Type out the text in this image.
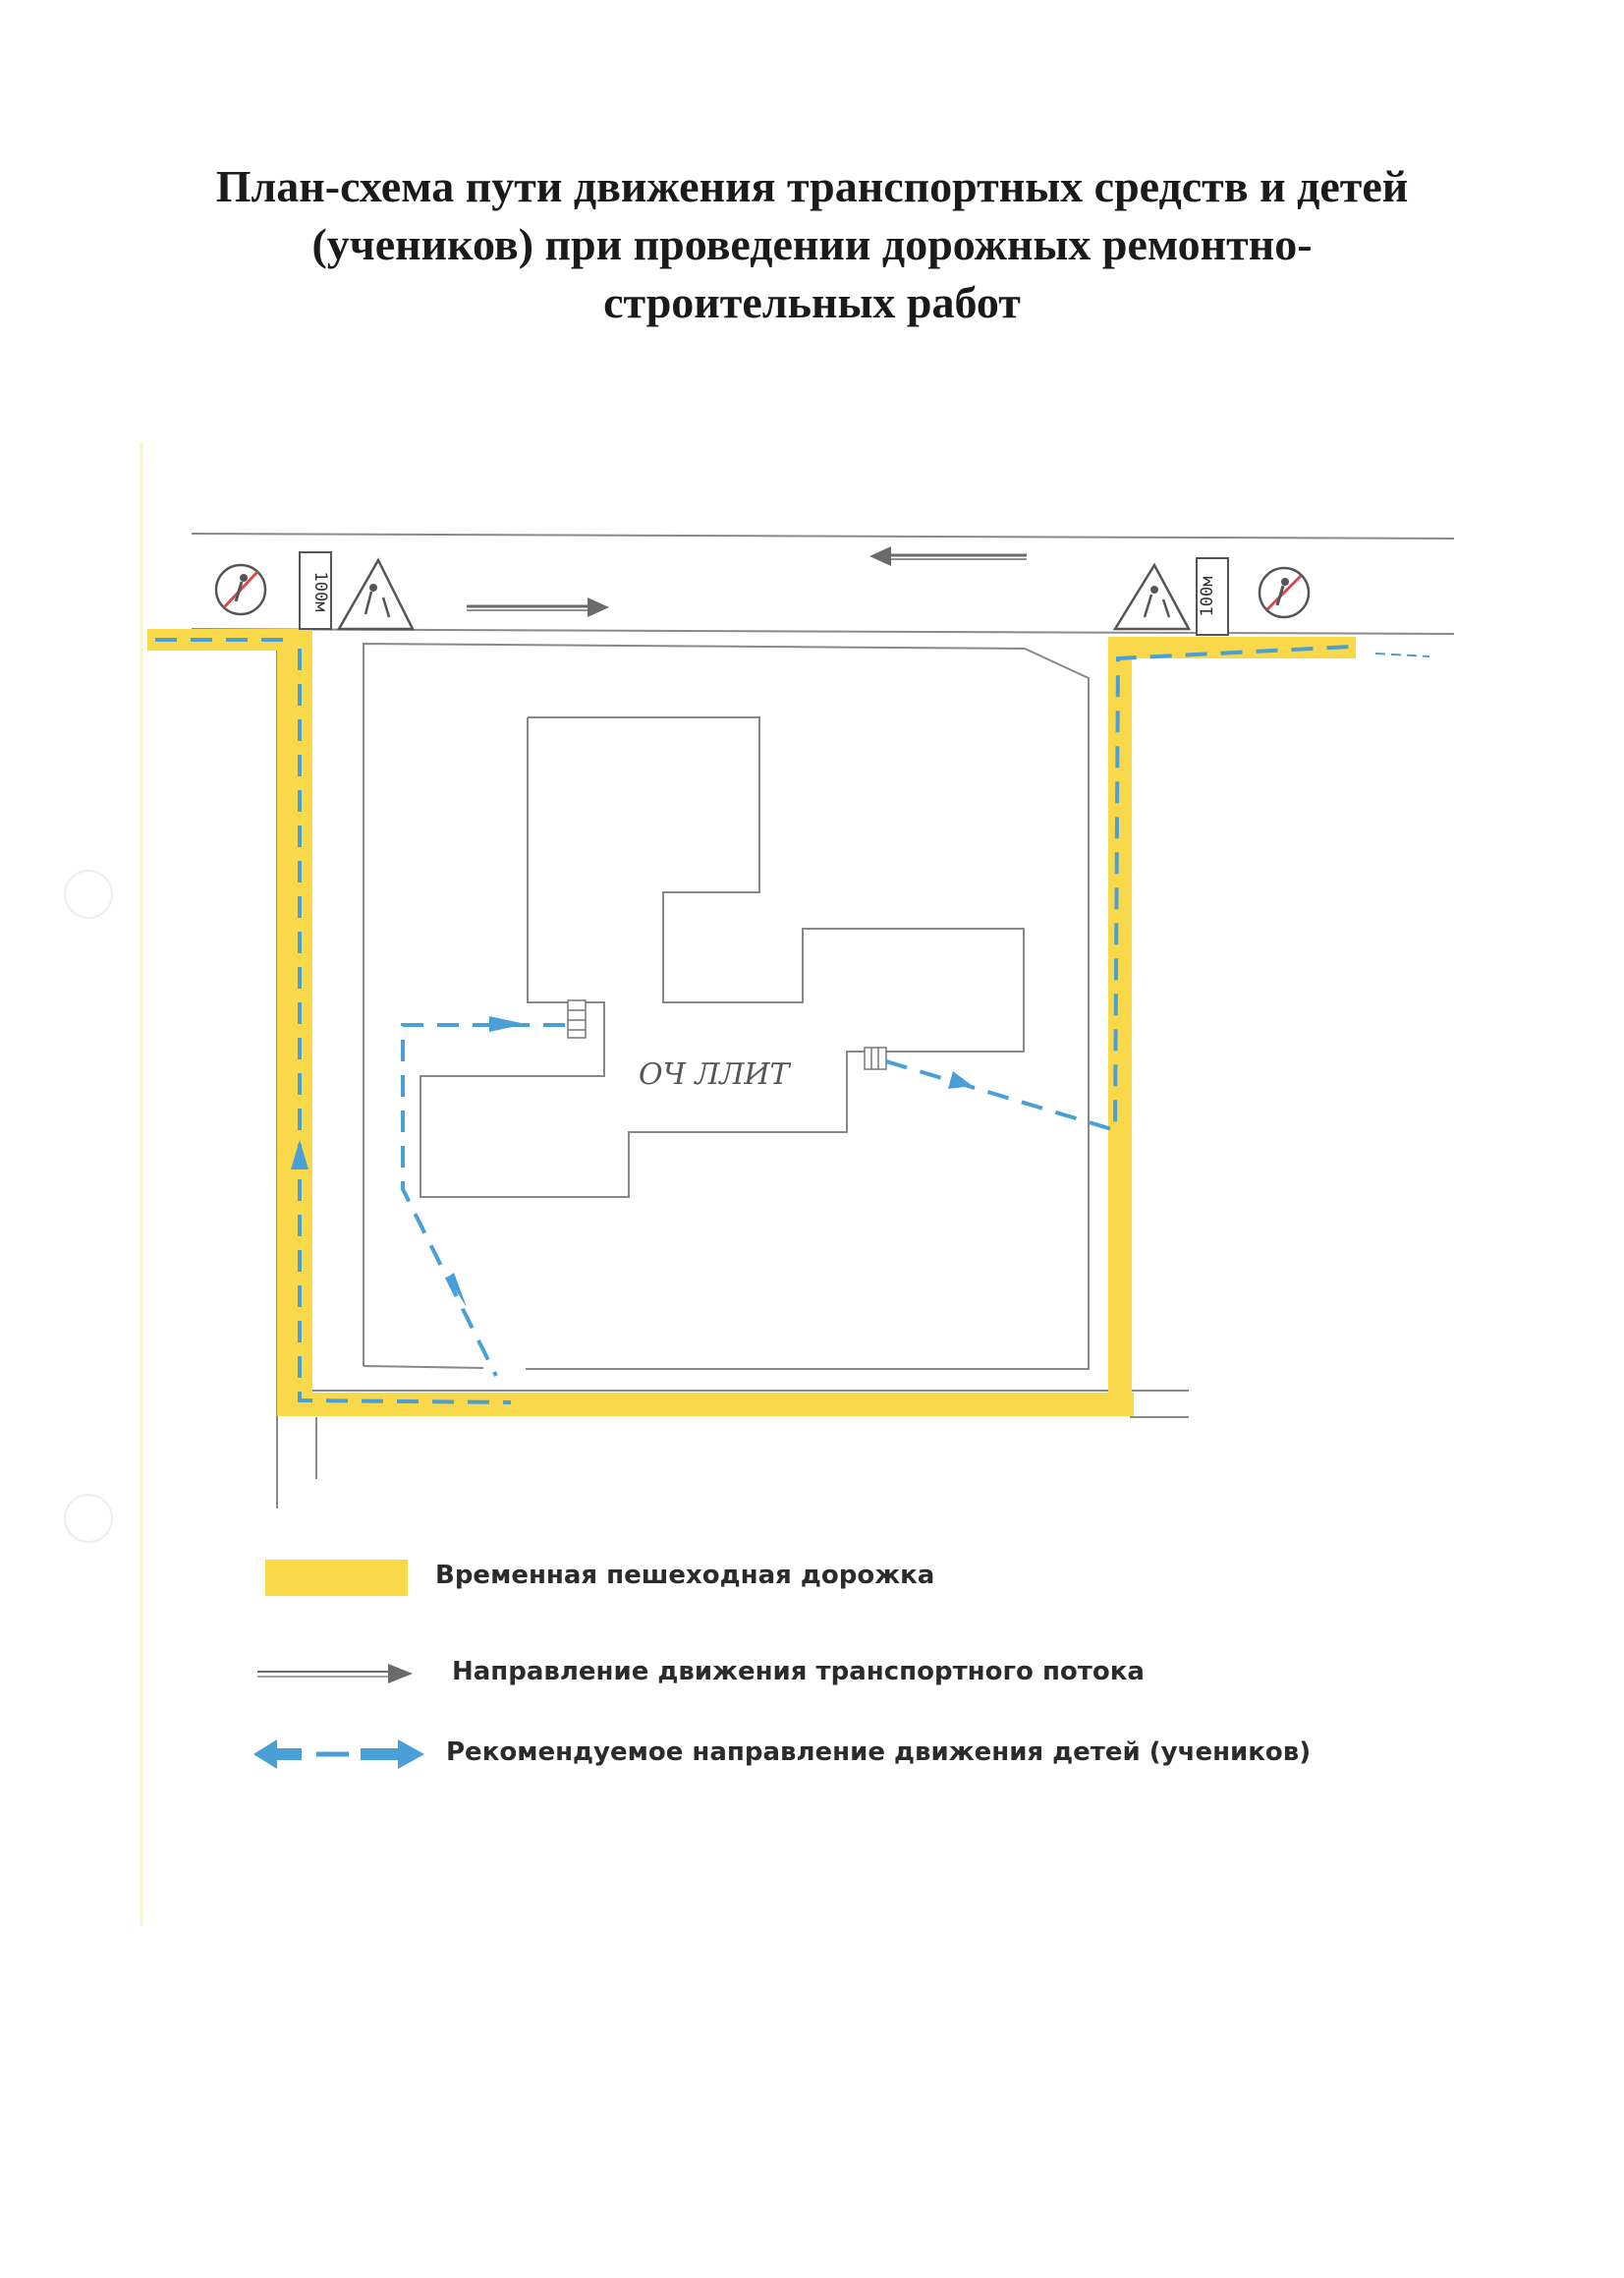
План-схема пути движения транспортных средств и детей
(учеников) при проведении дорожных ремонтно-
строительных работ
ОЧ ЛЛИТ
100м	100м
Временная пешеходная дорожка
Направление движения транспортного потока
Рекомендуемое направление движения детей (учеников)
